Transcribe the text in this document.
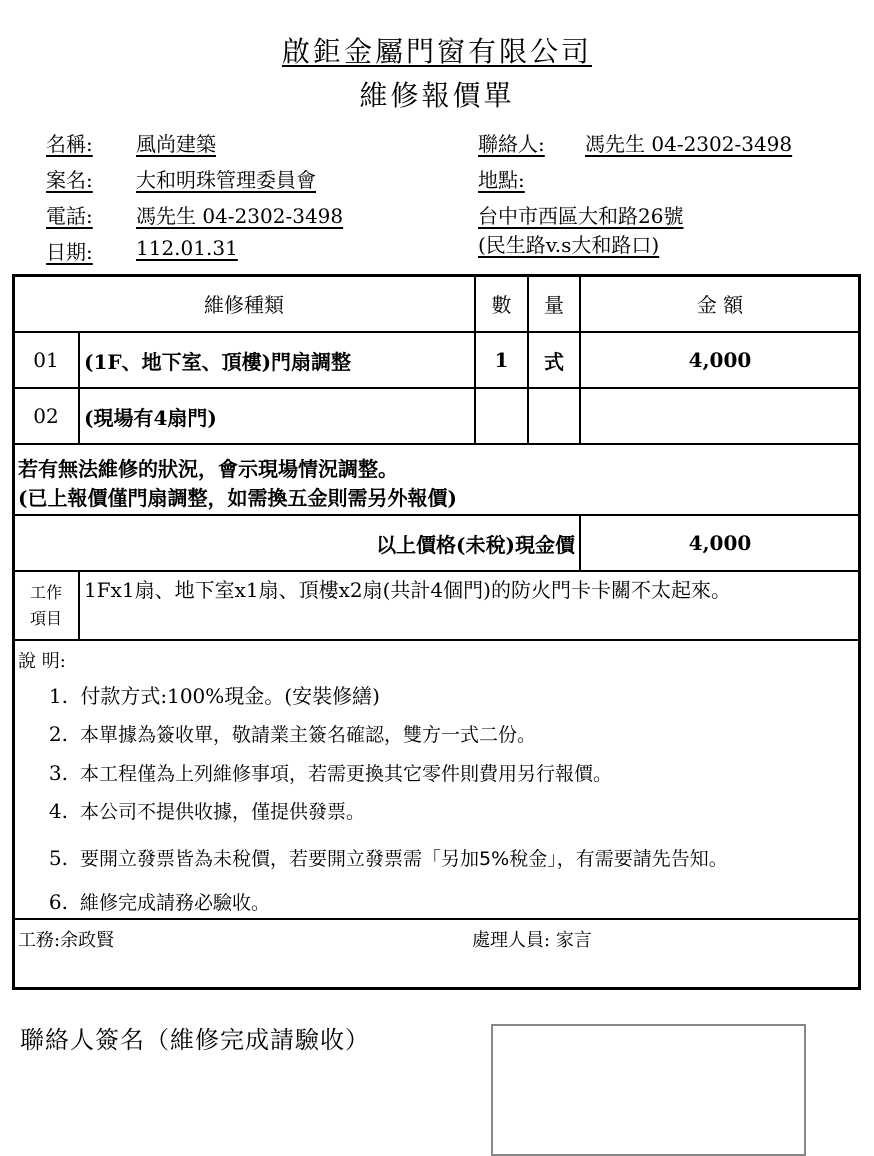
啟鉅金屬門窗有限公司
維修報價單
名稱: 風尚建築
案名: 大和明珠管理委員會
電話: 馮先生 04-2302-3498
日期: 112.01.31
聯絡人: 馮先生 04-2302-3498
地點:
台中市西區大和路26號
(民生路v.s大和路口)
維修種類	數	量	金 額
01	(1F、地下室、頂樓)門扇調整	1	式	4,000
02	(現場有4扇門)
若有無法維修的狀況，會示現場情況調整。
(已上報價僅門扇調整，如需換五金則需另外報價)
以上價格(未稅)現金價	4,000
工作
項目
1Fx1扇、地下室x1扇、頂樓x2扇(共計4個門)的防火門卡卡關不太起來。
說 明:
1. 付款方式:100%現金。(安裝修繕)
2. 本單據為簽收單，敬請業主簽名確認，雙方一式二份。
3. 本工程僅為上列維修事項，若需更換其它零件則費用另行報價。
4. 本公司不提供收據，僅提供發票。
5. 要開立發票皆為未稅價，若要開立發票需「另加5%稅金」，有需要請先告知。
6. 維修完成請務必驗收。
工務:余政賢	處理人員: 家言
聯絡人簽名（維修完成請驗收）
